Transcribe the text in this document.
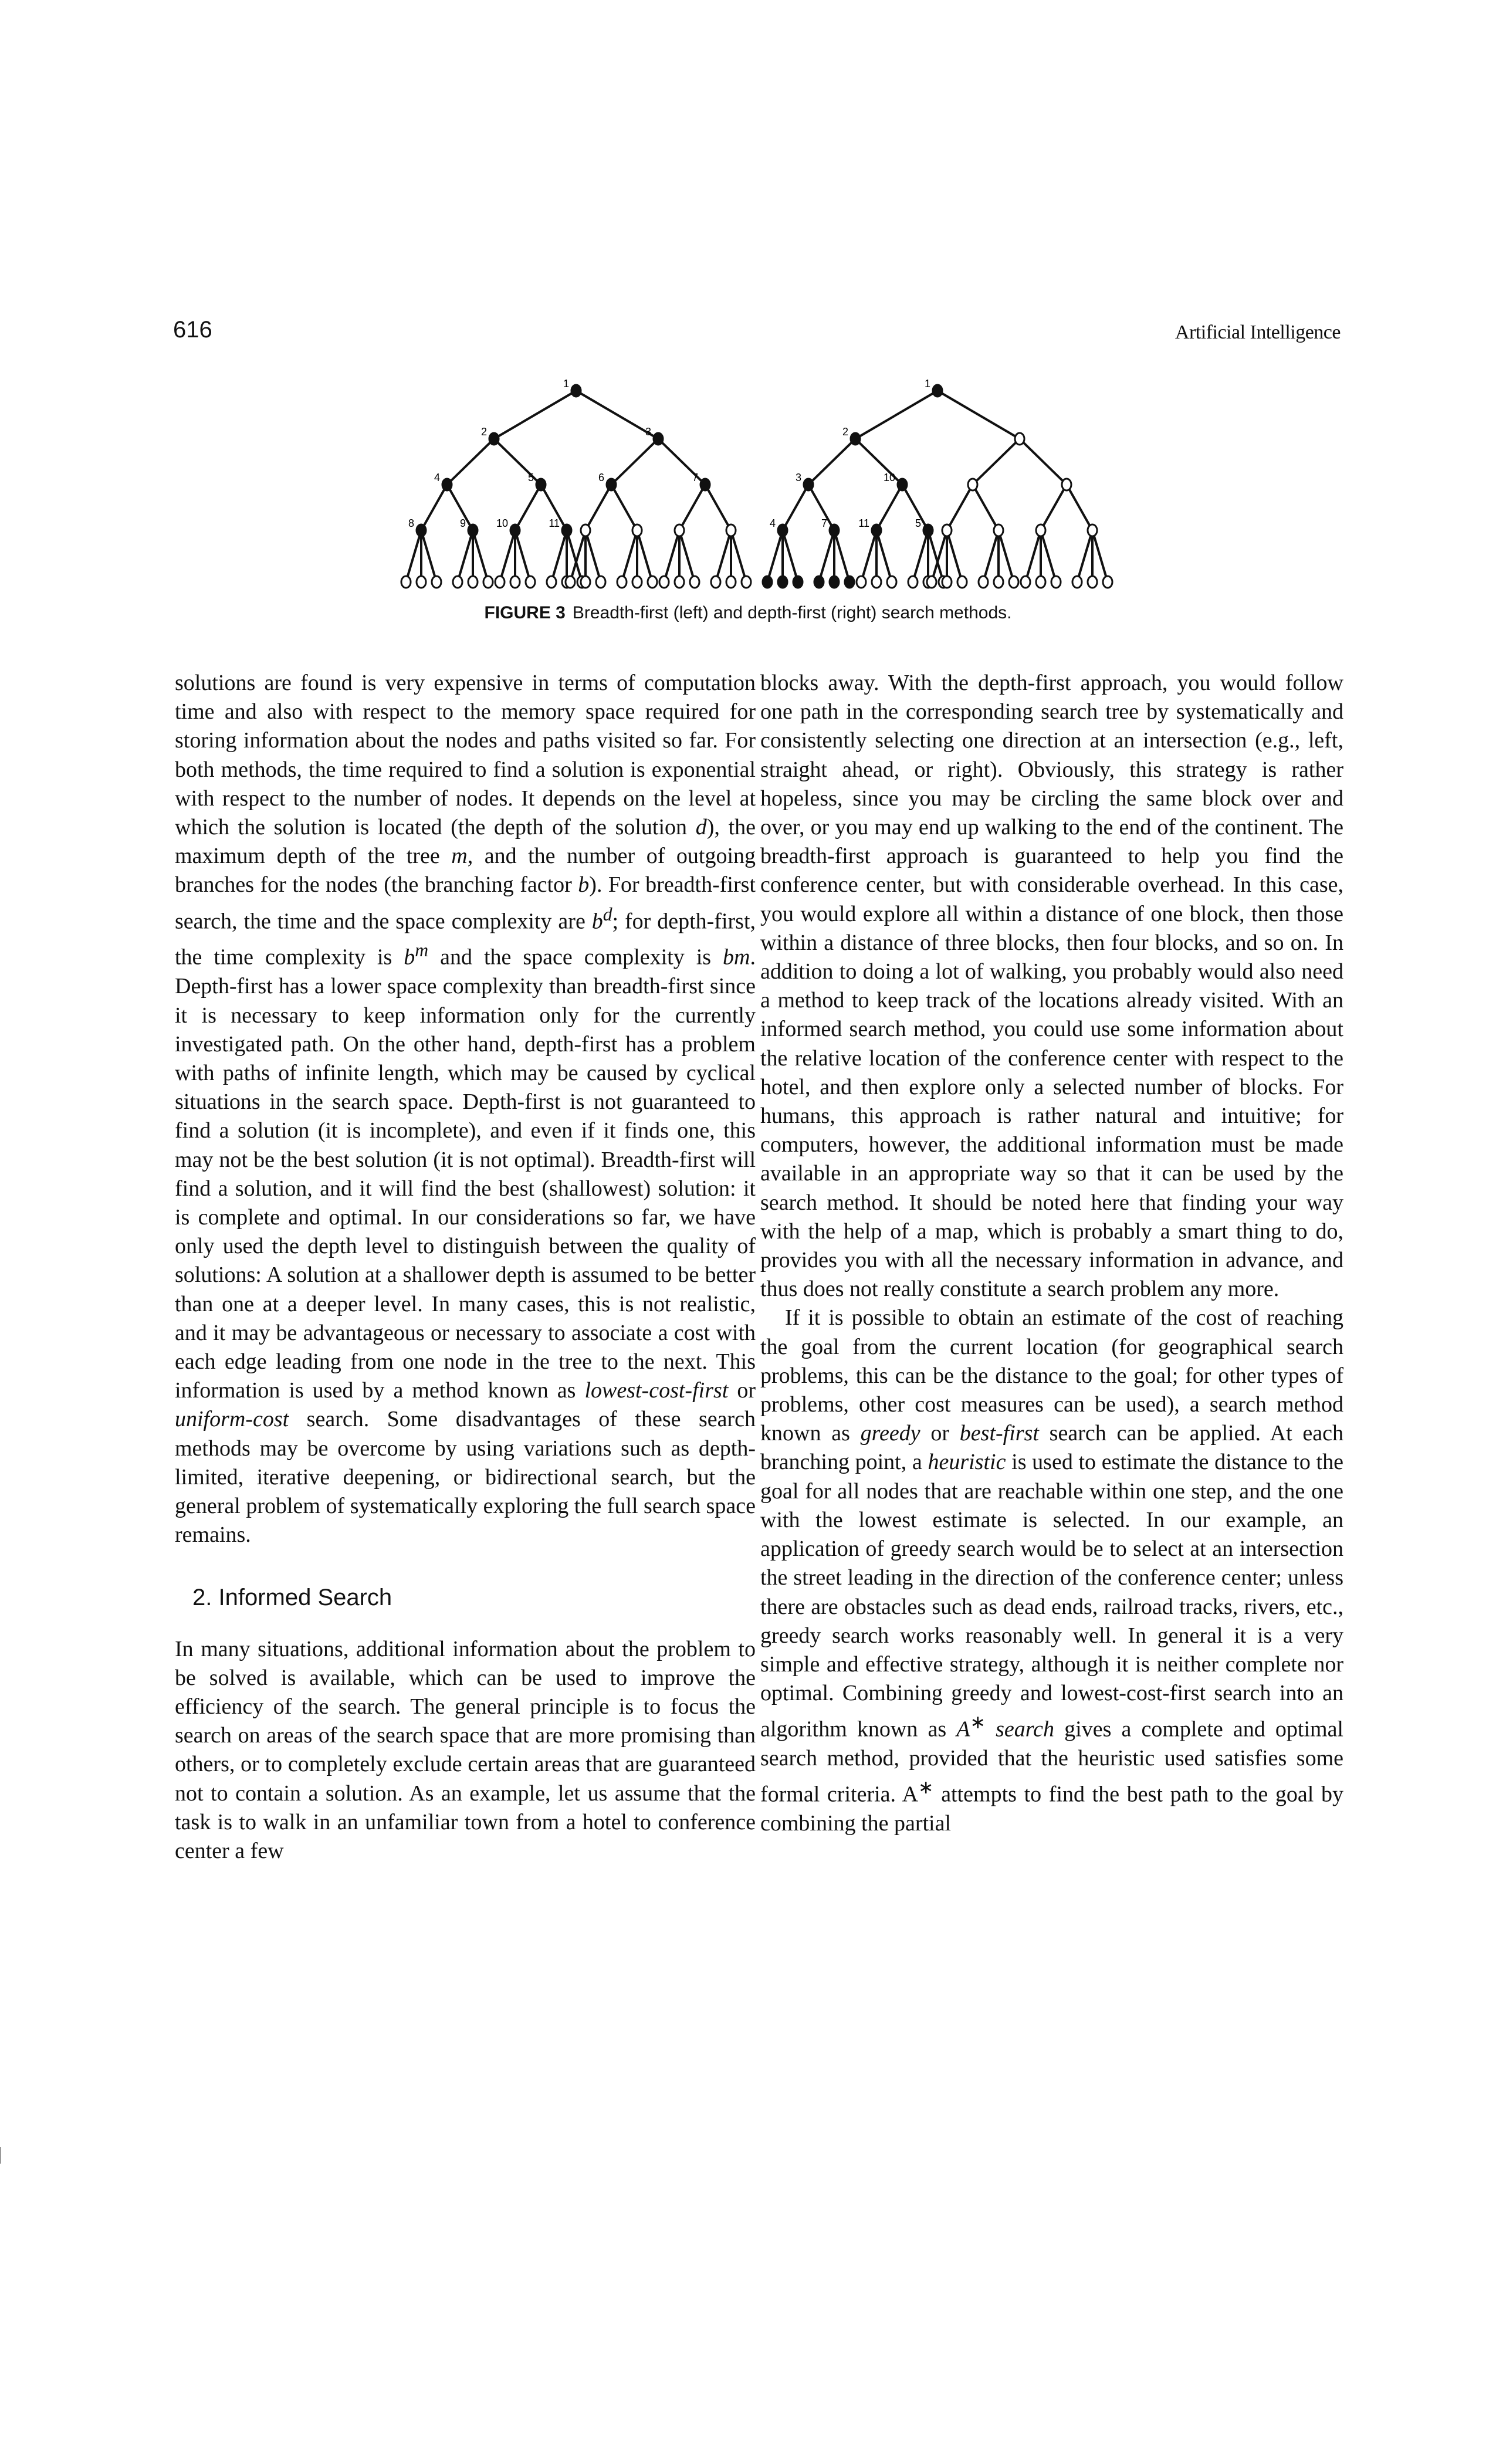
616	Artificial Intelligence
1
2	3
4	5	6	7
8	9	10	11
1
2
3	10
4	7	11	5
FIGURE 3 Breadth-first (left) and depth-first (right) search methods.

solutions are found is very expensive in terms of computation time and also with respect to the memory space required for storing information about the nodes and paths visited so far. For both methods, the time required to find a solution is exponential with respect to the number of nodes. It depends on the level at which the solution is located (the depth of the solution d), the maximum depth of the tree m, and the number of outgoing branches for the nodes (the branching factor b). For breadth-first search, the time and the space complexity are $b^d$; for depth-first, the time complexity is $b^m$ and the space complexity is bm. Depth-first has a lower space complexity than breadth-first since it is necessary to keep information only for the currently investigated path. On the other hand, depth-first has a problem with paths of infinite length, which may be caused by cyclical situations in the search space. Depth-first is not guaranteed to find a solution (it is incomplete), and even if it finds one, this may not be the best solution (it is not optimal). Breadth-first will find a solution, and it will find the best (shallowest) solution: it is complete and optimal. In our considerations so far, we have only used the depth level to distinguish between the quality of solutions: A solution at a shallower depth is assumed to be better than one at a deeper level. In many cases, this is not realistic, and it may be advantageous or necessary to associate a cost with each edge leading from one node in the tree to the next. This information is used by a method known as lowest-cost-first or uniform-cost search. Some disadvantages of these search methods may be overcome by using variations such as depth-limited, iterative deepening, or bidirectional search, but the general problem of systematically exploring the full search space remains.

2. Informed Search

In many situations, additional information about the problem to be solved is available, which can be used to improve the efficiency of the search. The general principle is to focus the search on areas of the search space that are more promising than others, or to completely exclude certain areas that are guaranteed not to contain a solution. As an example, let us assume that the task is to walk in an unfamiliar town from a hotel to conference center a few

blocks away. With the depth-first approach, you would follow one path in the corresponding search tree by systematically and consistently selecting one direction at an intersection (e.g., left, straight ahead, or right). Obviously, this strategy is rather hopeless, since you may be circling the same block over and over, or you may end up walking to the end of the continent. The breadth-first approach is guaranteed to help you find the conference center, but with considerable overhead. In this case, you would explore all within a distance of one block, then those within a distance of three blocks, then four blocks, and so on. In addition to doing a lot of walking, you probably would also need a method to keep track of the locations already visited. With an informed search method, you could use some information about the relative location of the conference center with respect to the hotel, and then explore only a selected number of blocks. For humans, this approach is rather natural and intuitive; for computers, however, the additional information must be made available in an appropriate way so that it can be used by the search method. It should be noted here that finding your way with the help of a map, which is probably a smart thing to do, provides you with all the necessary information in advance, and thus does not really constitute a search problem any more.

If it is possible to obtain an estimate of the cost of reaching the goal from the current location (for geographical search problems, this can be the distance to the goal; for other types of problems, other cost measures can be used), a search method known as greedy or best-first search can be applied. At each branching point, a heuristic is used to estimate the distance to the goal for all nodes that are reachable within one step, and the one with the lowest estimate is selected. In our example, an application of greedy search would be to select at an intersection the street leading in the direction of the conference center; unless there are obstacles such as dead ends, railroad tracks, rivers, etc., greedy search works reasonably well. In general it is a very simple and effective strategy, although it is neither complete nor optimal. Combining greedy and lowest-cost-first search into an algorithm known as A∗ search gives a complete and optimal search method, provided that the heuristic used satisfies some formal criteria. A∗ attempts to find the best path to the goal by combining the partial
